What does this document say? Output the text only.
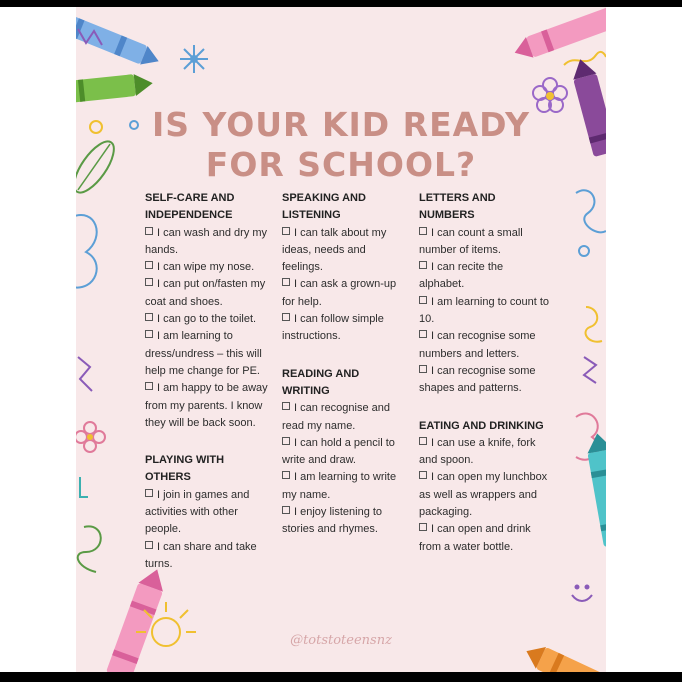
IS YOUR KID READY
FOR SCHOOL?
SELF-CARE AND INDEPENDENCE

I can wash and dry my hands.

I can wipe my nose.

I can put on/fasten my coat and shoes.

I can go to the toilet.

I am learning to dress/undress – this will help me change for PE.

I am happy to be away from my parents. I know they will be back soon.

PLAYING WITH OTHERS

I join in games and activities with other people.

I can share and take turns.

SPEAKING AND LISTENING

I can talk about my ideas, needs and feelings.

I can ask a grown-up for help.

I can follow simple instructions.

READING AND WRITING

I can recognise and read my name.

I can hold a pencil to write and draw.

I am learning to write my name.

I enjoy listening to stories and rhymes.

LETTERS AND NUMBERS

I can count a small number of items.

I can recite the alphabet.

I am learning to count to 10.

I can recognise some numbers and letters.

I can recognise some shapes and patterns.

EATING AND DRINKING

I can use a knife, fork and spoon.

I can open my lunchbox as well as wrappers and packaging.

I can open and drink from a water bottle.

@totstoteensnz
